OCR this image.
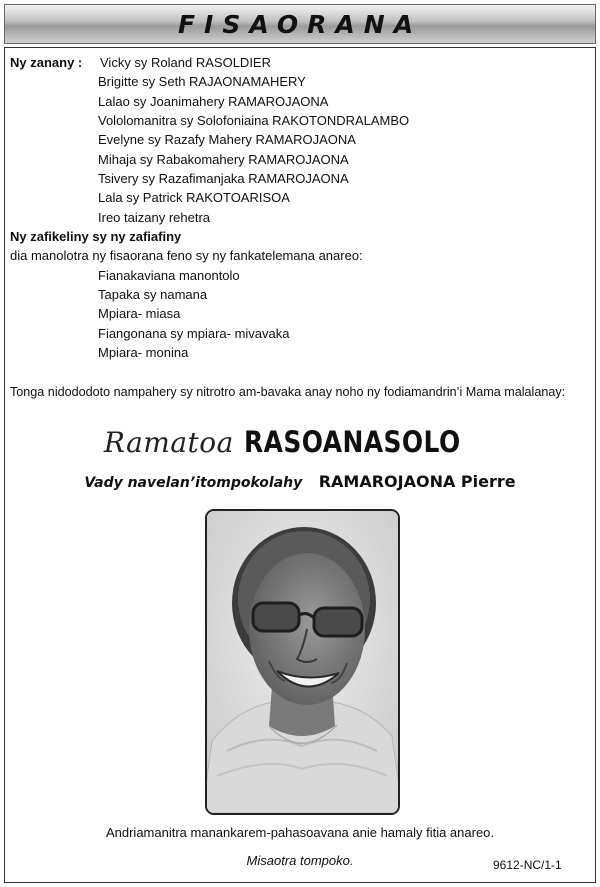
FISAORANA
Ny zanany : Vicky sy Roland RASOLDIER
Brigitte sy Seth RAJAONAMAHERY
Lalao sy Joanimahery RAMAROJAONA
Vololomanitra sy Solofoniaina RAKOTONDRALAMBO
Evelyne sy Razafy Mahery RAMAROJAONA
Mihaja sy Rabakomahery RAMAROJAONA
Tsivery sy Razafimanjaka RAMAROJAONA
Lala sy Patrick RAKOTOARISOA
Ireo taizany rehetra
Ny zafikeliny sy ny zafiafiny
dia manolotra ny fisaorana feno sy ny fankatelemana anareo:
Fianakaviana manontolo
Tapaka sy namana
Mpiara- miasa
Fiangonana sy mpiara- mivavaka
Mpiara- monina
Tonga nidododoto nampahery sy nitrotro am-bavaka anay noho ny fodiamandrin’i Mama malalanay:
Ramatoa RASOANASOLO
Vady navelan’itompokolahy RAMAROJAONA Pierre
Andriamanitra manankarem-pahasoavana anie hamaly fitia anareo.
Misaotra tompoko.	9612-NC/1-1
